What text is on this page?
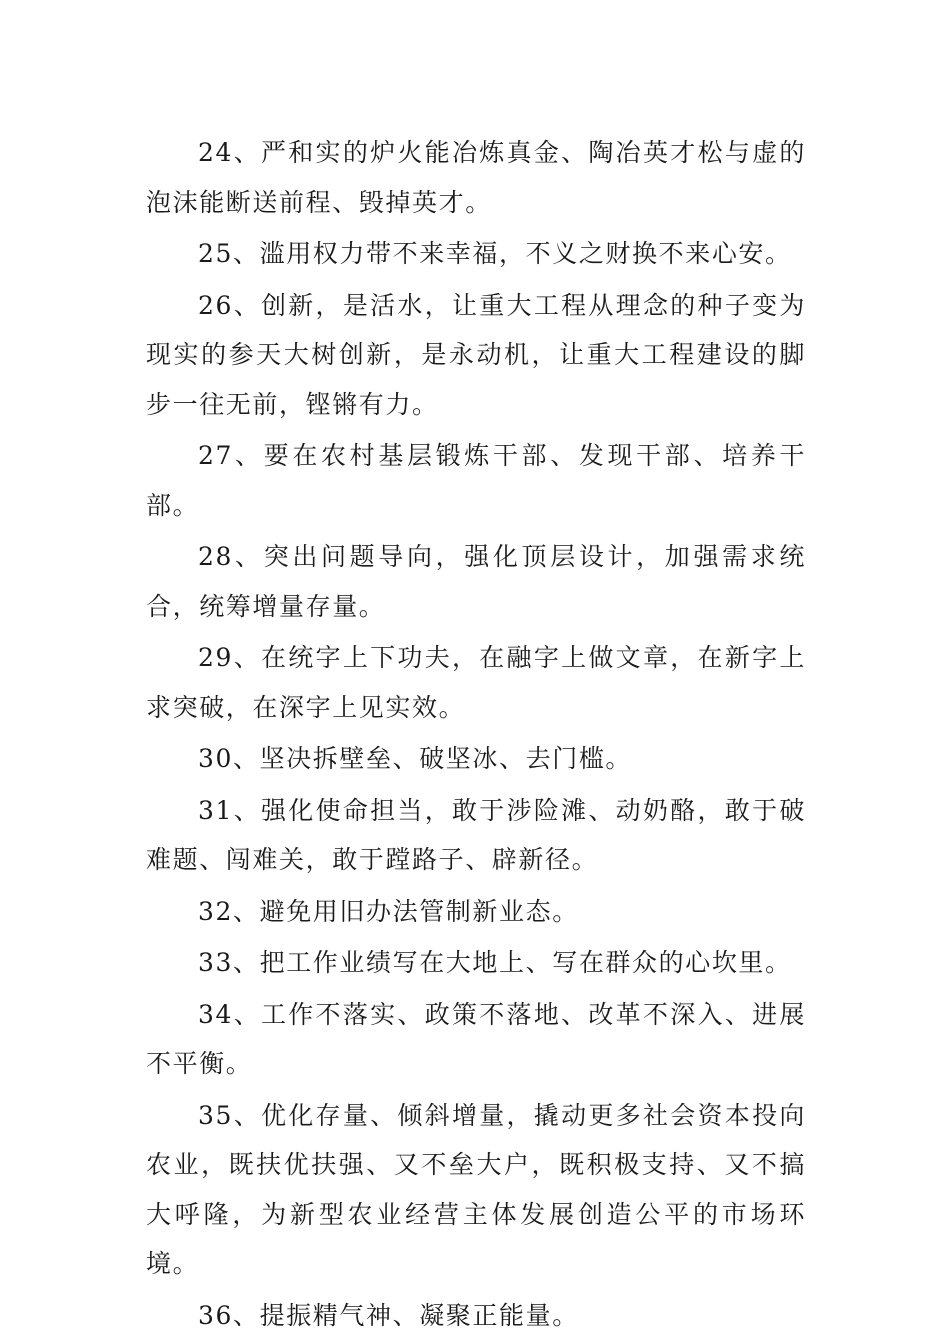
24、严和实的炉火能冶炼真金、陶冶英才松与虚的泡沫能断送前程、毁掉英才。

25、滥用权力带不来幸福，不义之财换不来心安。

26、创新，是活水，让重大工程从理念的种子变为现实的参天大树创新，是永动机，让重大工程建设的脚步一往无前，铿锵有力。

27、要在农村基层锻炼干部、发现干部、培养干部。

28、突出问题导向，强化顶层设计，加强需求统合，统筹增量存量。

29、在统字上下功夫，在融字上做文章，在新字上求突破，在深字上见实效。

30、坚决拆壁垒、破坚冰、去门槛。

31、强化使命担当，敢于涉险滩、动奶酪，敢于破难题、闯难关，敢于蹚路子、辟新径。

32、避免用旧办法管制新业态。

33、把工作业绩写在大地上、写在群众的心坎里。

34、工作不落实、政策不落地、改革不深入、进展不平衡。

35、优化存量、倾斜增量，撬动更多社会资本投向农业，既扶优扶强、又不垒大户，既积极支持、又不搞大呼隆，为新型农业经营主体发展创造公平的市场环境。

36、提振精气神、凝聚正能量。
